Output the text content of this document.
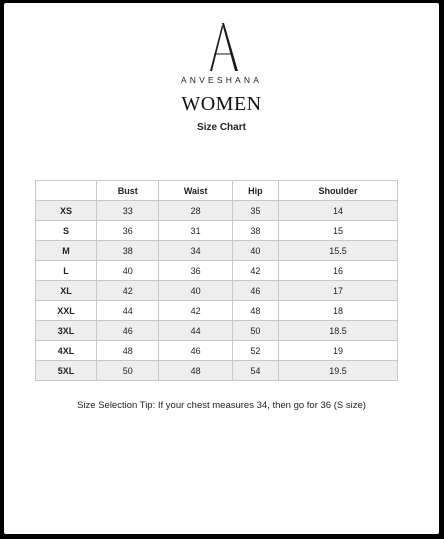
ANVESHANA
WOMEN
Size Chart
	Bust	Waist	Hip	Shoulder
XS	33	28	35	14
S	36	31	38	15
M	38	34	40	15.5
L	40	36	42	16
XL	42	40	46	17
XXL	44	42	48	18
3XL	46	44	50	18.5
4XL	48	46	52	19
5XL	50	48	54	19.5
Size Selection Tip: If your chest measures 34, then go for 36 (S size)
